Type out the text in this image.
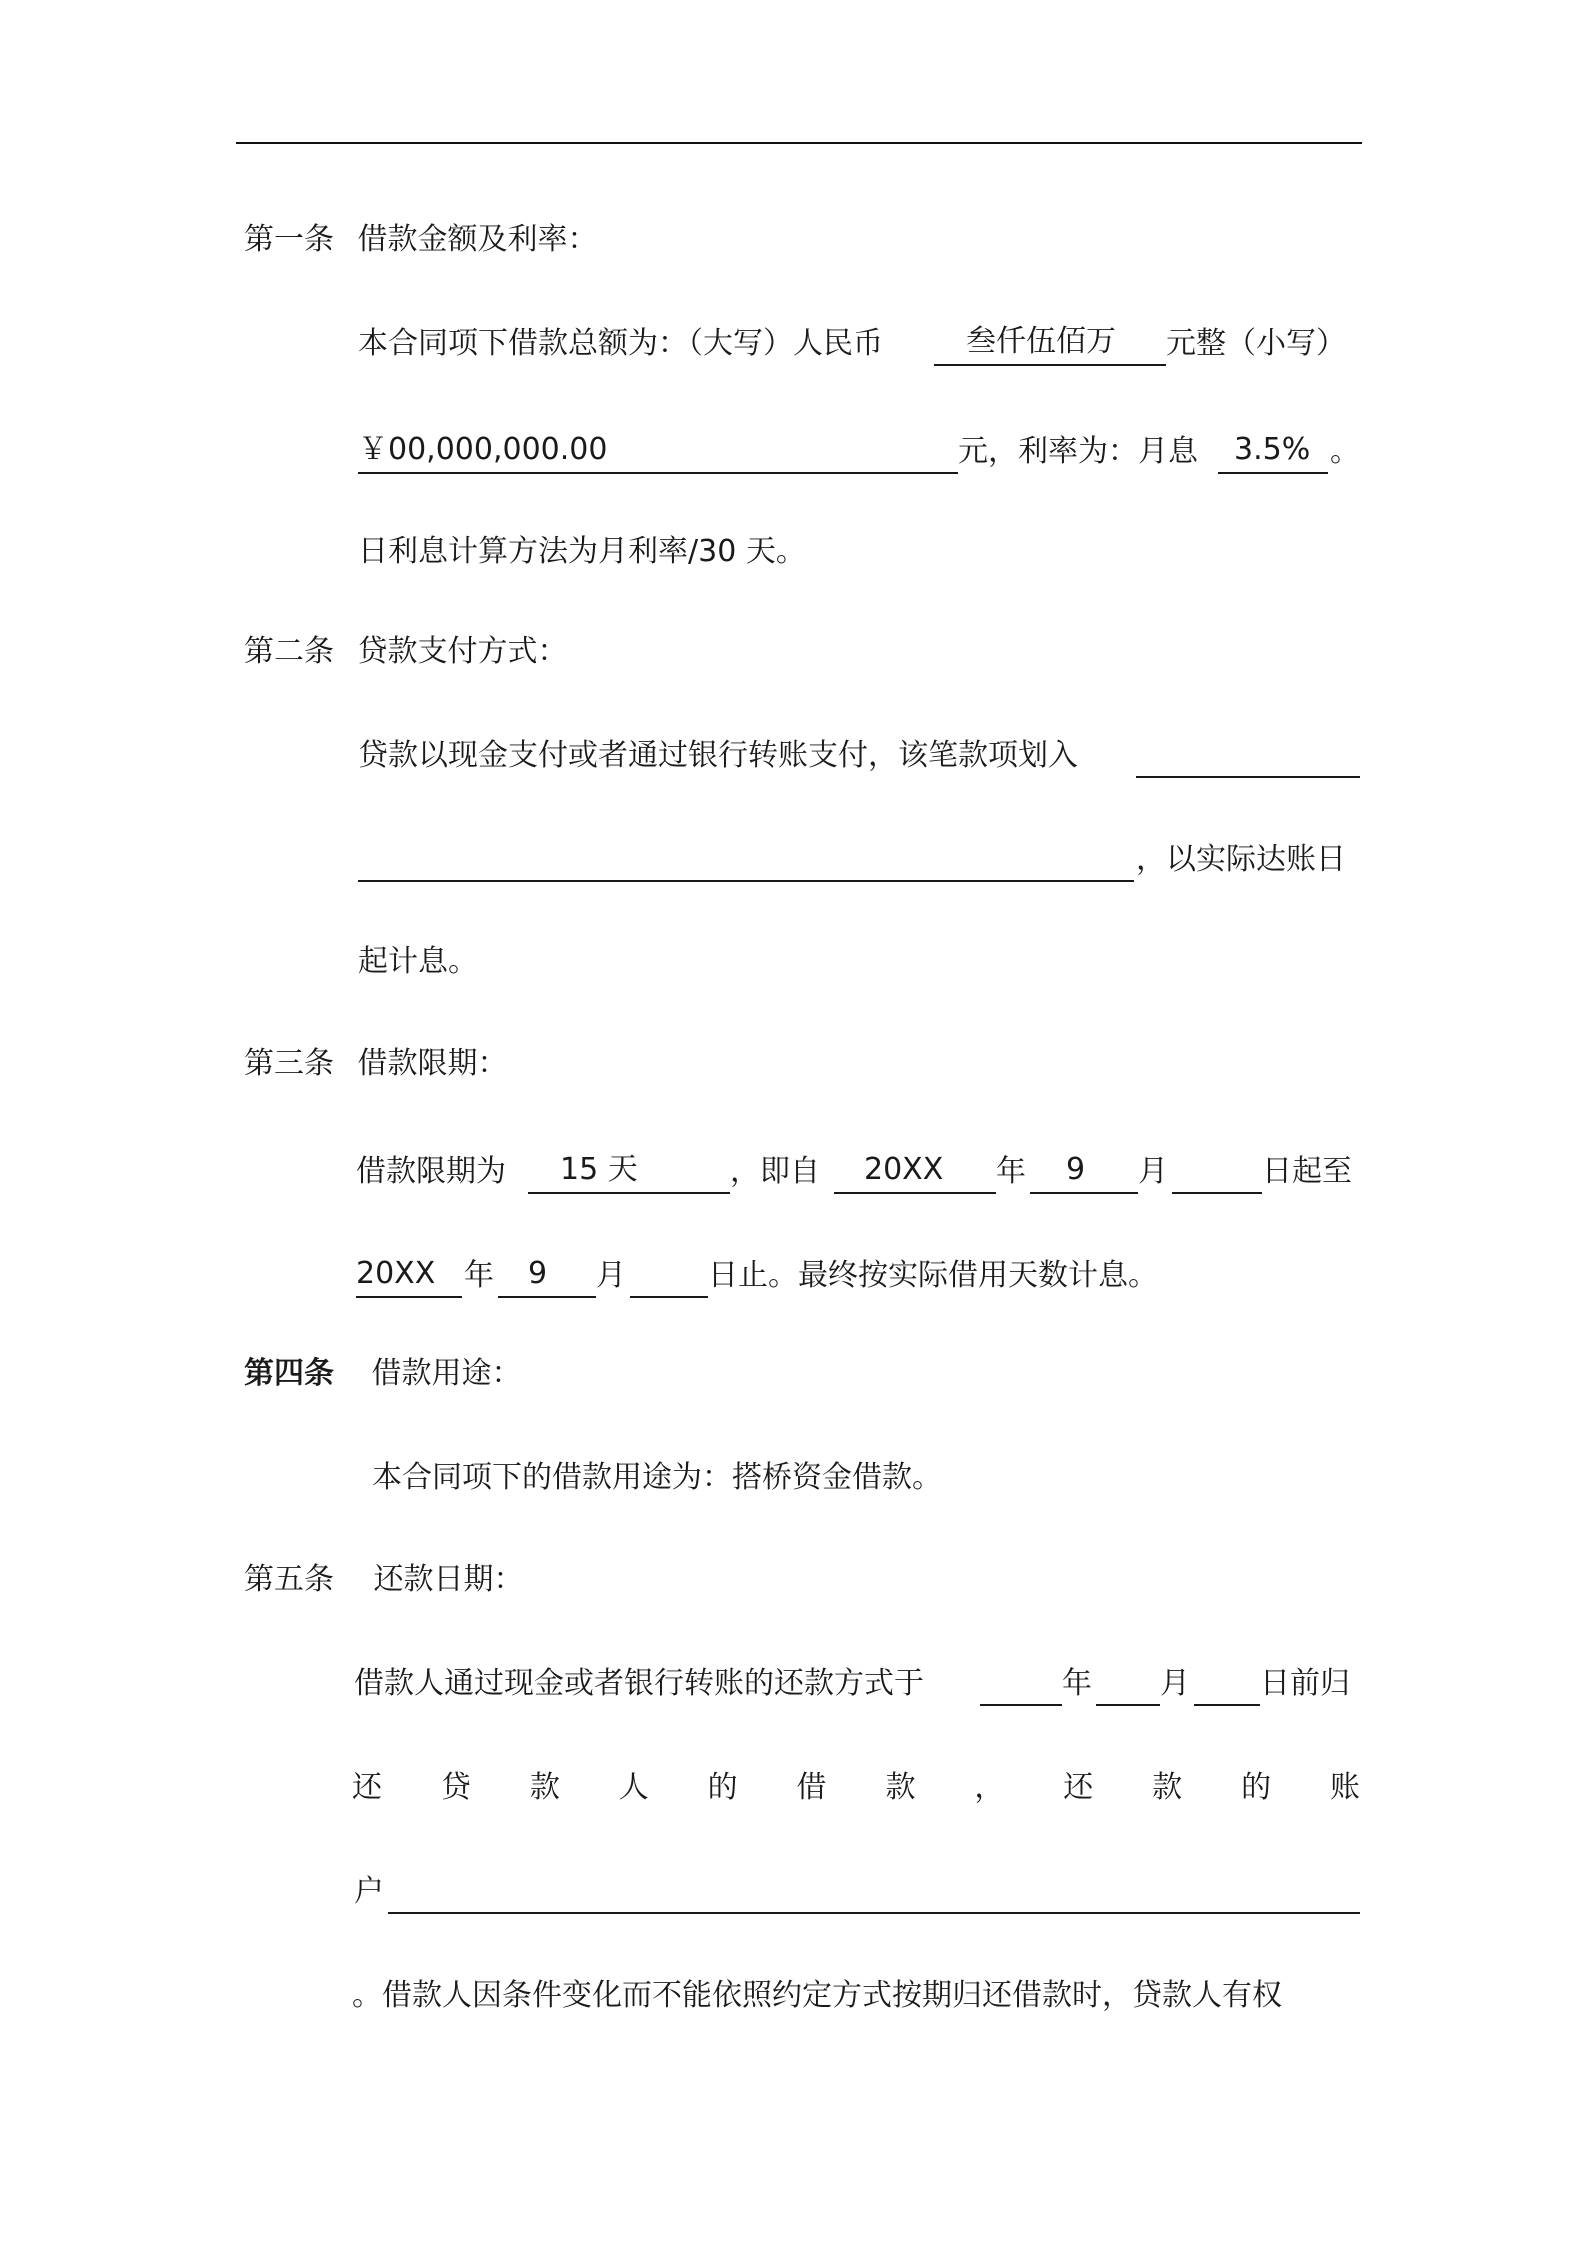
第一条 借款金额及利率：
本合同项下借款总额为：（大写）人民币	叁仟伍佰万 元整（小写）
￥00,000,000.00	元，利率为：月息 3.5% 。
日利息计算方法为月利率/30 天。
第二条 贷款支付方式：
贷款以现金支付或者通过银行转账支付，该笔款项划入
，以实际达账日
起计息。
第三条 借款限期：
借款限期为 15 天	，即自 20XX 年 9 月	日起至
20XX 年 9 月	日止。最终按实际借用天数计息。
第四条 借款用途：
本合同项下的借款用途为：搭桥资金借款。
第五条 还款日期：
借款人通过现金或者银行转账的还款方式于	年 月 日前归
还 贷 款 人 的 借 款 ， 还 款 的 账
户
。借款人因条件变化而不能依照约定方式按期归还借款时，贷款人有权
